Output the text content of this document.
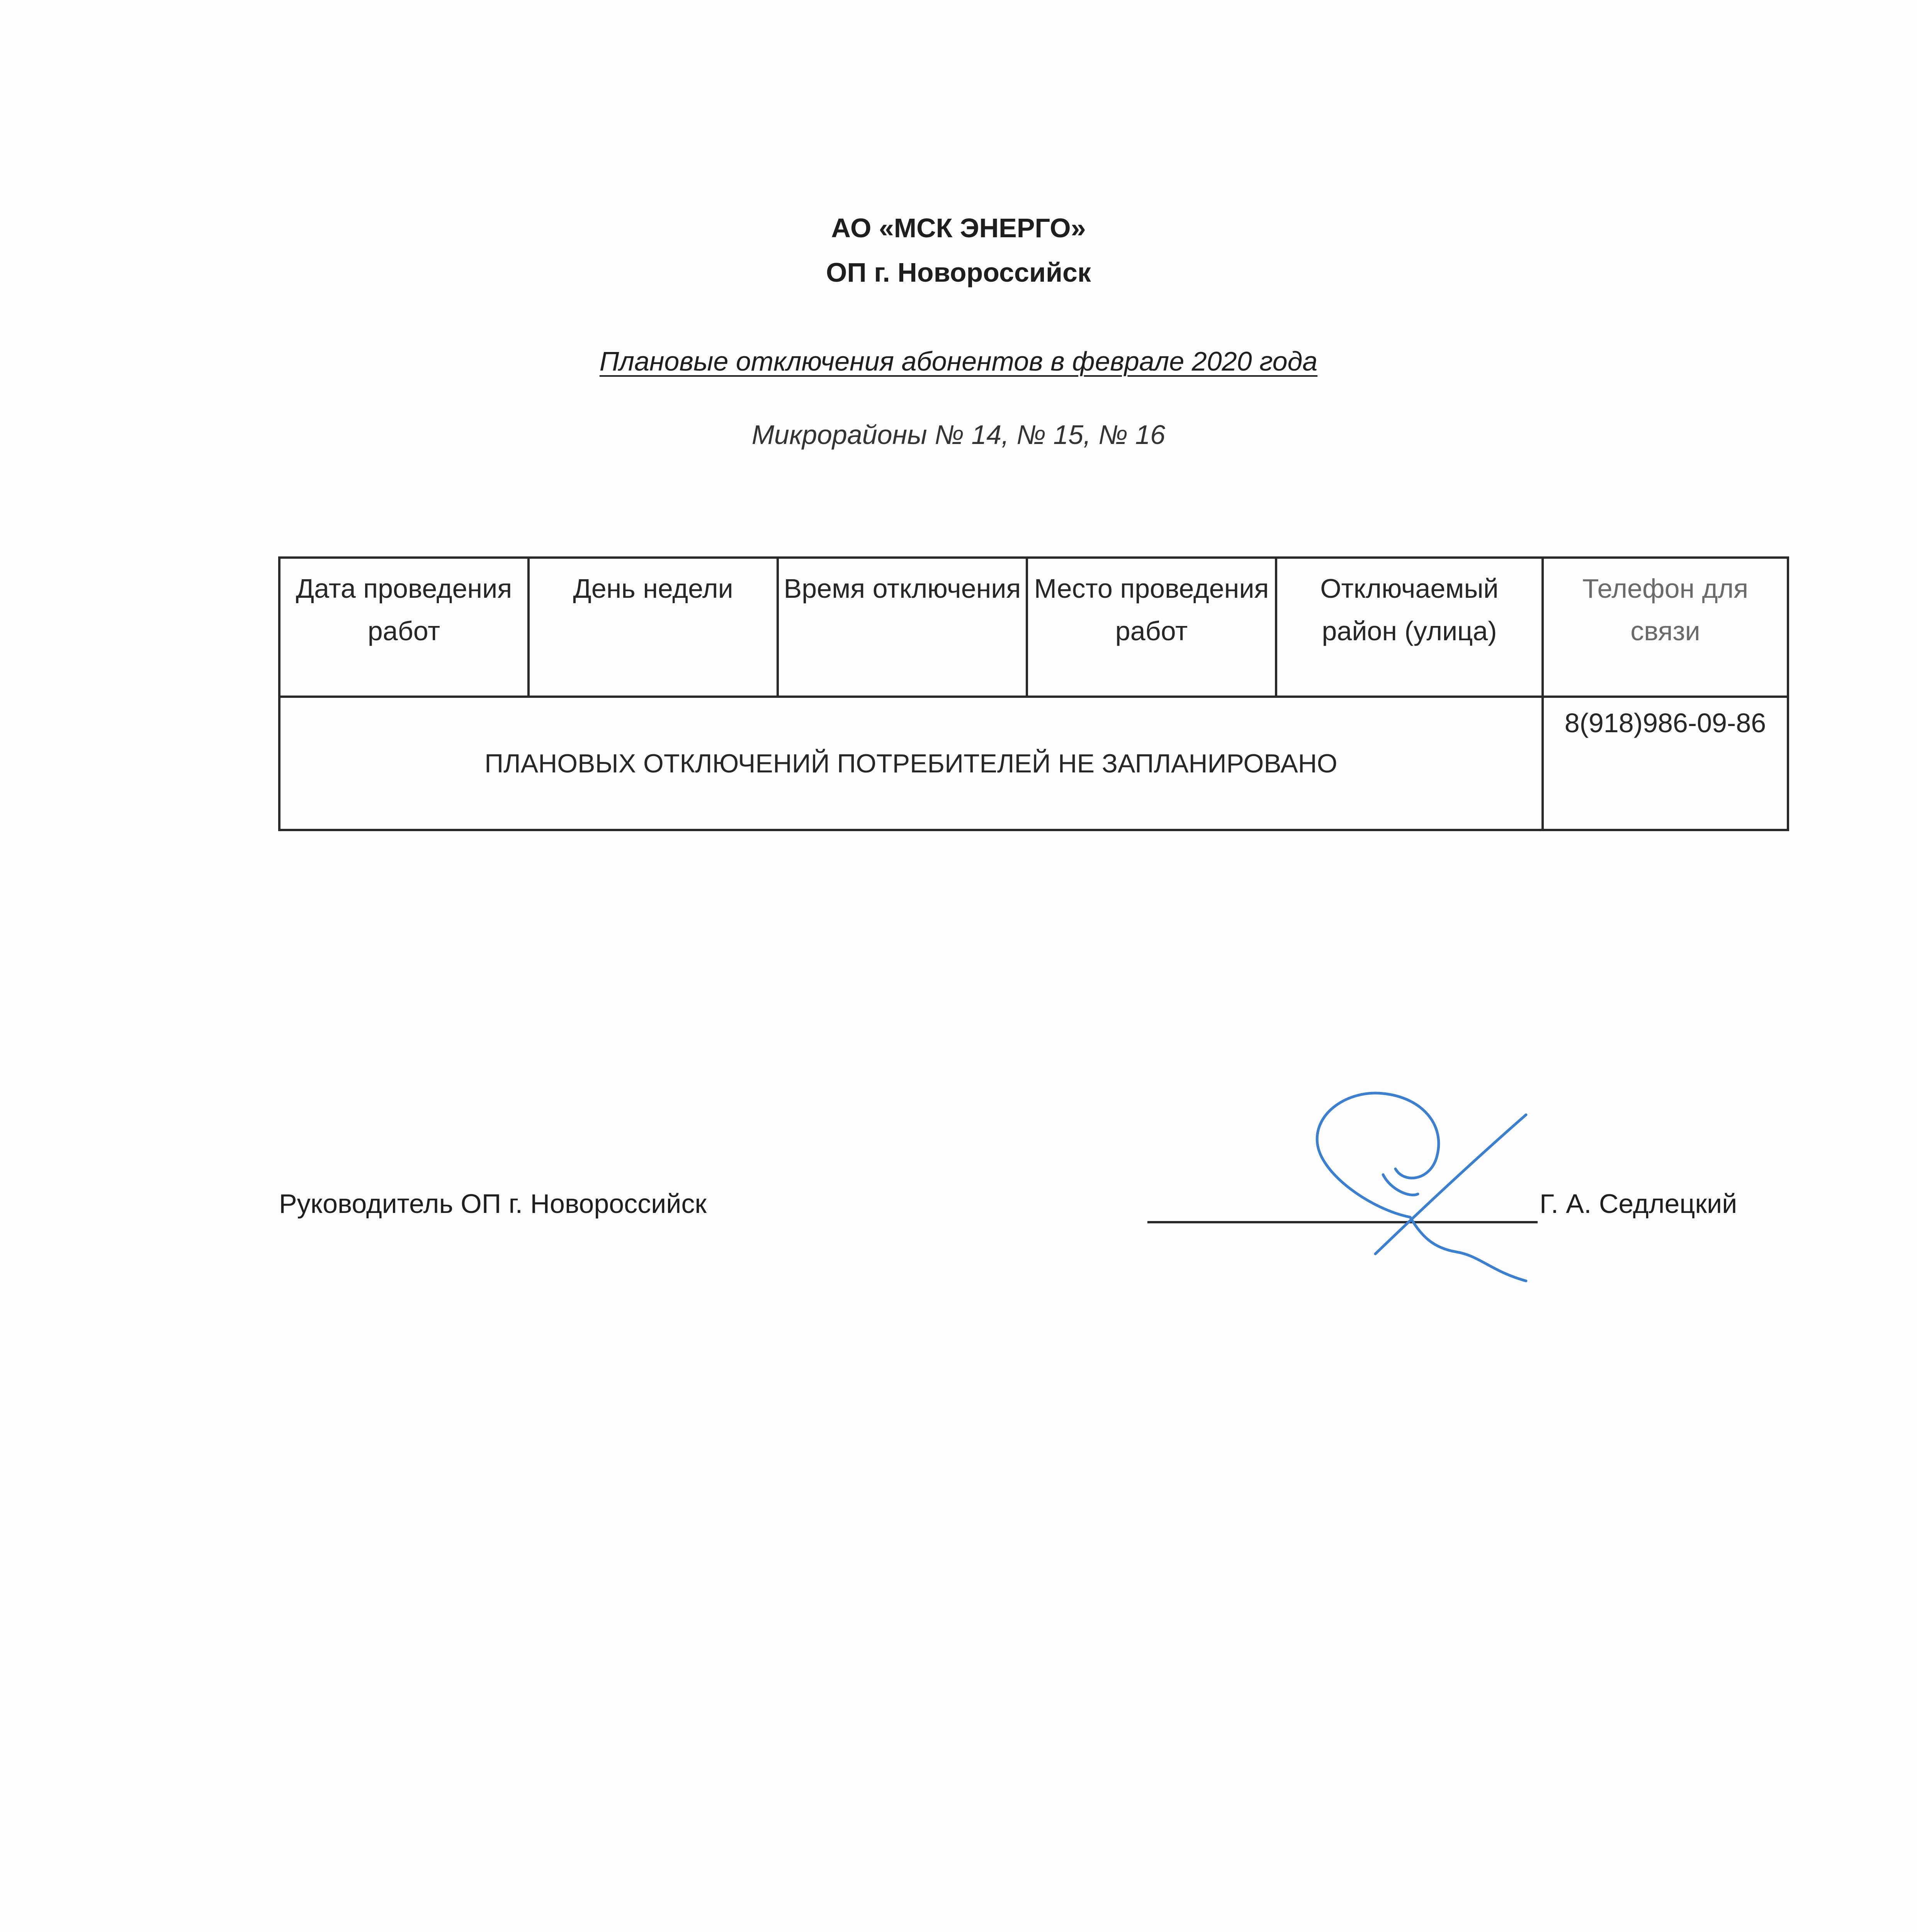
АО «МСК ЭНЕРГО»
ОП г. Новороссийск
Плановые отключения абонентов в феврале 2020 года
Микрорайоны № 14, № 15, № 16
Дата проведения работ	День недели	Время отключения	Место проведения работ	Отключаемый район (улица)	Телефон для связи
ПЛАНОВЫХ ОТКЛЮЧЕНИЙ ПОТРЕБИТЕЛЕЙ НЕ ЗАПЛАНИРОВАНО					8(918)986-09-86
Руководитель ОП г. Новороссийск	Г. А. Седлецкий
